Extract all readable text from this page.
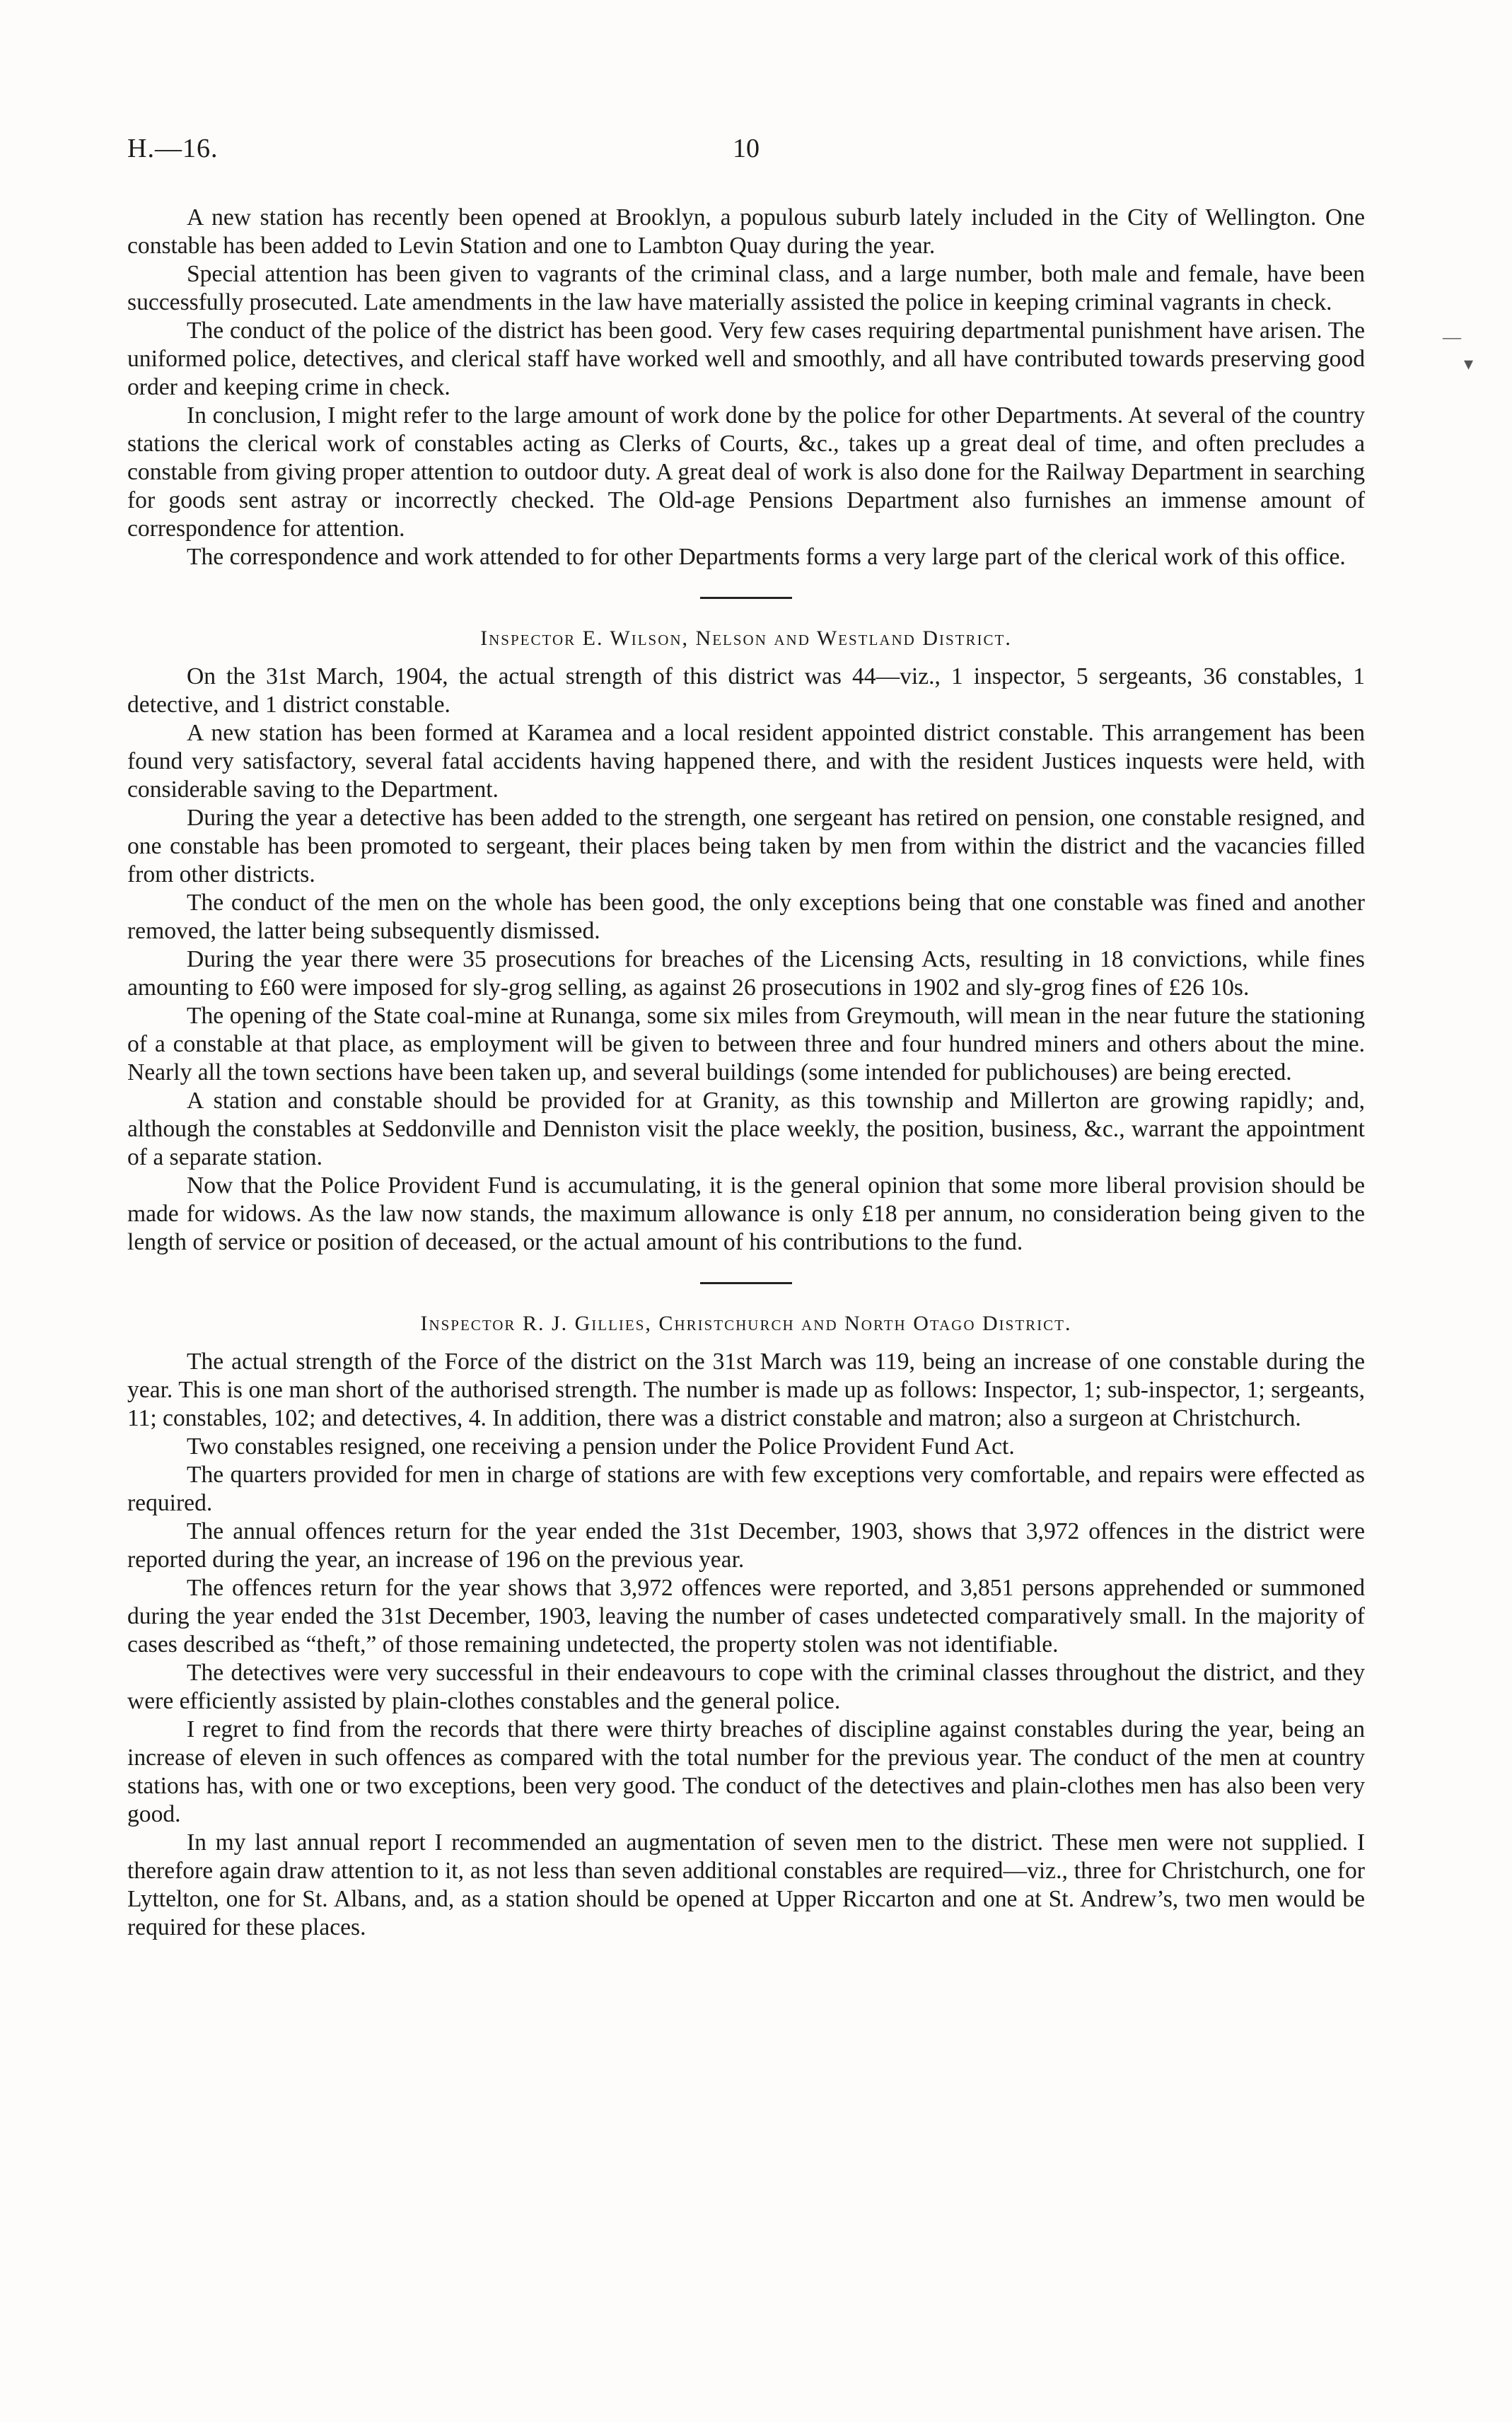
H.—16.	10
—
▾

A new station has recently been opened at Brooklyn, a populous suburb lately included in the City of Wellington. One constable has been added to Levin Station and one to Lambton Quay during the year.

Special attention has been given to vagrants of the criminal class, and a large number, both male and female, have been successfully prosecuted. Late amendments in the law have materially assisted the police in keeping criminal vagrants in check.

The conduct of the police of the district has been good. Very few cases requiring departmental punishment have arisen. The uniformed police, detectives, and clerical staff have worked well and smoothly, and all have contributed towards preserving good order and keeping crime in check.

In conclusion, I might refer to the large amount of work done by the police for other Departments. At several of the country stations the clerical work of constables acting as Clerks of Courts, &c., takes up a great deal of time, and often precludes a constable from giving proper attention to outdoor duty. A great deal of work is also done for the Railway Department in searching for goods sent astray or incorrectly checked. The Old-age Pensions Department also furnishes an immense amount of correspondence for attention.

The correspondence and work attended to for other Departments forms a very large part of the clerical work of this office.

Inspector E. Wilson, Nelson and Westland District.

On the 31st March, 1904, the actual strength of this district was 44—viz., 1 inspector, 5 sergeants, 36 constables, 1 detective, and 1 district constable.

A new station has been formed at Karamea and a local resident appointed district constable. This arrangement has been found very satisfactory, several fatal accidents having happened there, and with the resident Justices inquests were held, with considerable saving to the Department.

During the year a detective has been added to the strength, one sergeant has retired on pension, one constable resigned, and one constable has been promoted to sergeant, their places being taken by men from within the district and the vacancies filled from other districts.

The conduct of the men on the whole has been good, the only exceptions being that one constable was fined and another removed, the latter being subsequently dismissed.

During the year there were 35 prosecutions for breaches of the Licensing Acts, resulting in 18 convictions, while fines amounting to £60 were imposed for sly-grog selling, as against 26 prosecutions in 1902 and sly-grog fines of £26 10s.

The opening of the State coal-mine at Runanga, some six miles from Greymouth, will mean in the near future the stationing of a constable at that place, as employment will be given to between three and four hundred miners and others about the mine. Nearly all the town sections have been taken up, and several buildings (some intended for publichouses) are being erected.

A station and constable should be provided for at Granity, as this township and Millerton are growing rapidly; and, although the constables at Seddonville and Denniston visit the place weekly, the position, business, &c., warrant the appointment of a separate station.

Now that the Police Provident Fund is accumulating, it is the general opinion that some more liberal provision should be made for widows. As the law now stands, the maximum allowance is only £18 per annum, no consideration being given to the length of service or position of deceased, or the actual amount of his contributions to the fund.

Inspector R. J. Gillies, Christchurch and North Otago District.

The actual strength of the Force of the district on the 31st March was 119, being an increase of one constable during the year. This is one man short of the authorised strength. The number is made up as follows: Inspector, 1; sub-inspector, 1; sergeants, 11; constables, 102; and detectives, 4. In addition, there was a district constable and matron; also a surgeon at Christchurch.

Two constables resigned, one receiving a pension under the Police Provident Fund Act.

The quarters provided for men in charge of stations are with few exceptions very comfortable, and repairs were effected as required.

The annual offences return for the year ended the 31st December, 1903, shows that 3,972 offences in the district were reported during the year, an increase of 196 on the previous year.

The offences return for the year shows that 3,972 offences were reported, and 3,851 persons apprehended or summoned during the year ended the 31st December, 1903, leaving the number of cases undetected comparatively small. In the majority of cases described as “theft,” of those remaining undetected, the property stolen was not identifiable.

The detectives were very successful in their endeavours to cope with the criminal classes throughout the district, and they were efficiently assisted by plain-clothes constables and the general police.

I regret to find from the records that there were thirty breaches of discipline against constables during the year, being an increase of eleven in such offences as compared with the total number for the previous year. The conduct of the men at country stations has, with one or two exceptions, been very good. The conduct of the detectives and plain-clothes men has also been very good.

In my last annual report I recommended an augmentation of seven men to the district. These men were not supplied. I therefore again draw attention to it, as not less than seven additional constables are required—viz., three for Christchurch, one for Lyttelton, one for St. Albans, and, as a station should be opened at Upper Riccarton and one at St. Andrew’s, two men would be required for these places.
